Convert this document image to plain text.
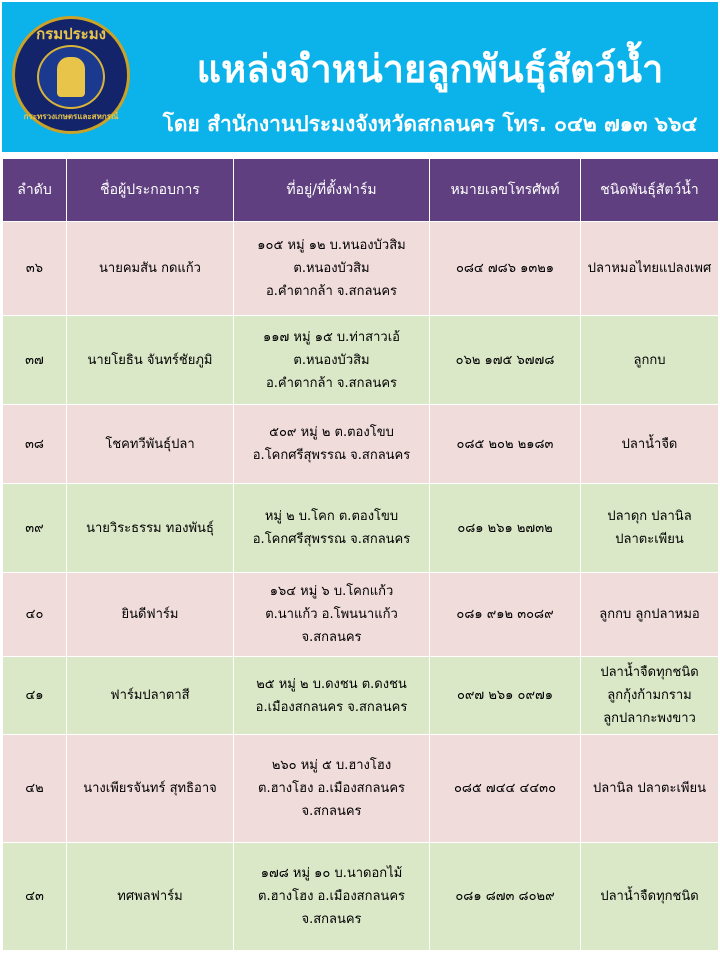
กรมประมง
กระทรวงเกษตรและสหกรณ์
แหล่งจำหน่ายลูกพันธุ์สัตว์น้ำ
โดย สำนักงานประมงจังหวัดสกลนคร โทร. ๐๔๒ ๗๑๓ ๖๖๔
ลำดับ	ชื่อผู้ประกอบการ	ที่อยู่/ที่ตั้งฟาร์ม	หมายเลขโทรศัพท์	ชนิดพันธุ์สัตว์น้ำ
๓๖	นายคมสัน กดแก้ว	๑๐๕ หมู่ ๑๒ บ.หนองบัวสิม
ต.หนองบัวสิม
อ.คำตากล้า จ.สกลนคร	๐๘๔ ๗๘๖ ๑๓๒๑	ปลาหมอไทยแปลงเพศ

๓๗	นายโยธิน จันทร์ชัยภูมิ	๑๑๗ หมู่ ๑๕ บ.ท่าสาวเอ้
ต.หนองบัวสิม
อ.คำตากล้า จ.สกลนคร	๐๖๒ ๑๗๕ ๖๗๗๘	ลูกกบ

๓๘	โชคทวีพันธุ์ปลา	๕๐๙ หมู่ ๒ ต.ตองโขบ
อ.โคกศรีสุพรรณ จ.สกลนคร	๐๘๕ ๒๐๒ ๒๑๘๓	ปลาน้ำจืด

๓๙	นายวิระธรรม ทองพันธุ์	หมู่ ๒ บ.โคก ต.ตองโขบ
อ.โคกศรีสุพรรณ จ.สกลนคร	๐๘๑ ๒๖๑ ๒๗๓๒	ปลาดุก ปลานิล
ปลาตะเพียน

๔๐	ยินดีฟาร์ม	๑๖๔ หมู่ ๖ บ.โคกแก้ว
ต.นาแก้ว อ.โพนนาแก้ว
จ.สกลนคร	๐๘๑ ๙๑๒ ๓๐๘๙	ลูกกบ ลูกปลาหมอ

๔๑	ฟาร์มปลาตาสี	๒๕ หมู่ ๒ บ.ดงชน ต.ดงชน
อ.เมืองสกลนคร จ.สกลนคร	๐๙๗ ๒๖๑ ๐๙๗๑	ปลาน้ำจืดทุกชนิด
ลูกกุ้งก้ามกราม
ลูกปลากะพงขาว

๔๒	นางเพียรจันทร์ สุทธิอาจ	๒๖๐ หมู่ ๕ บ.ฮางโฮง
ต.ฮางโฮง อ.เมืองสกลนคร
จ.สกลนคร	๐๘๕ ๗๔๔ ๔๔๓๐	ปลานิล ปลาตะเพียน

๔๓	ทศพลฟาร์ม	๑๗๘ หมู่ ๑๐ บ.นาดอกไม้
ต.ฮางโฮง อ.เมืองสกลนคร
จ.สกลนคร	๐๘๑ ๘๗๓ ๘๐๒๙	ปลาน้ำจืดทุกชนิด
